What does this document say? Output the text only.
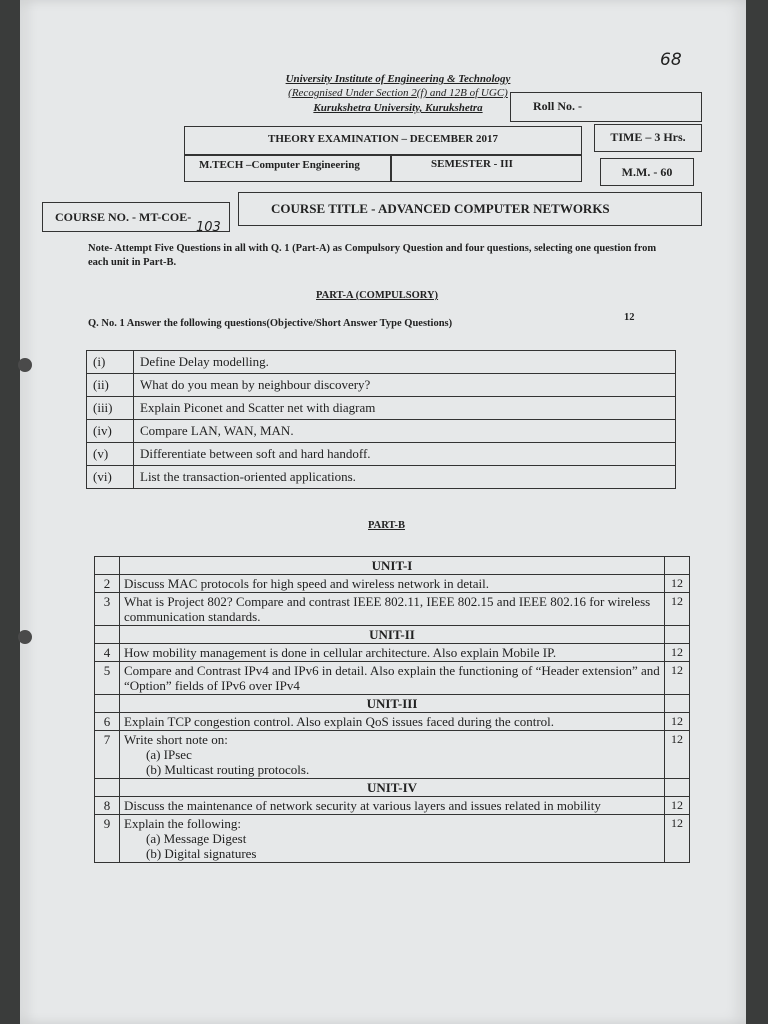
University Institute of Engineering & Technology
(Recognised Under Section 2(f) and 12B of UGC)
Kurukshetra University, Kurukshetra
68
Roll No. -
THEORY EXAMINATION – DECEMBER 2017
M.TECH –Computer Engineering	SEMESTER - III
TIME – 3 Hrs.
M.M. - 60
COURSE NO. - MT-COE-
103
COURSE TITLE - ADVANCED COMPUTER NETWORKS
Note- Attempt Five Questions in all with Q. 1 (Part-A) as Compulsory Question and four questions, selecting one question from each unit in Part-B.
PART-A (COMPULSORY)
Q. No. 1 Answer the following questions(Objective/Short Answer Type Questions)
12
(i)	Define Delay modelling.
(ii)	What do you mean by neighbour discovery?
(iii)	Explain Piconet and Scatter net with diagram
(iv)	Compare LAN, WAN, MAN.
(v)	Differentiate between soft and hard handoff.
(vi)	List the transaction-oriented applications.
PART-B
	UNIT-I	
2	Discuss MAC protocols for high speed and wireless network in detail.	12
3	What is Project 802? Compare and contrast IEEE 802.11, IEEE 802.15 and IEEE 802.16 for wireless communication standards.	12
	UNIT-II	
4	How mobility management is done in cellular architecture. Also explain Mobile IP.	12
5	Compare and Contrast IPv4 and IPv6 in detail. Also explain the functioning of “Header extension” and “Option” fields of IPv6 over IPv4	12
	UNIT-III	
6	Explain TCP congestion control. Also explain QoS issues faced during the control.	12
7	Write short note on:
(a) IPsec
(b) Multicast routing protocols.	12
	UNIT-IV	
8	Discuss the maintenance of network security at various layers and issues related in mobility	12
9	Explain the following:
(a) Message Digest
(b) Digital signatures	12
